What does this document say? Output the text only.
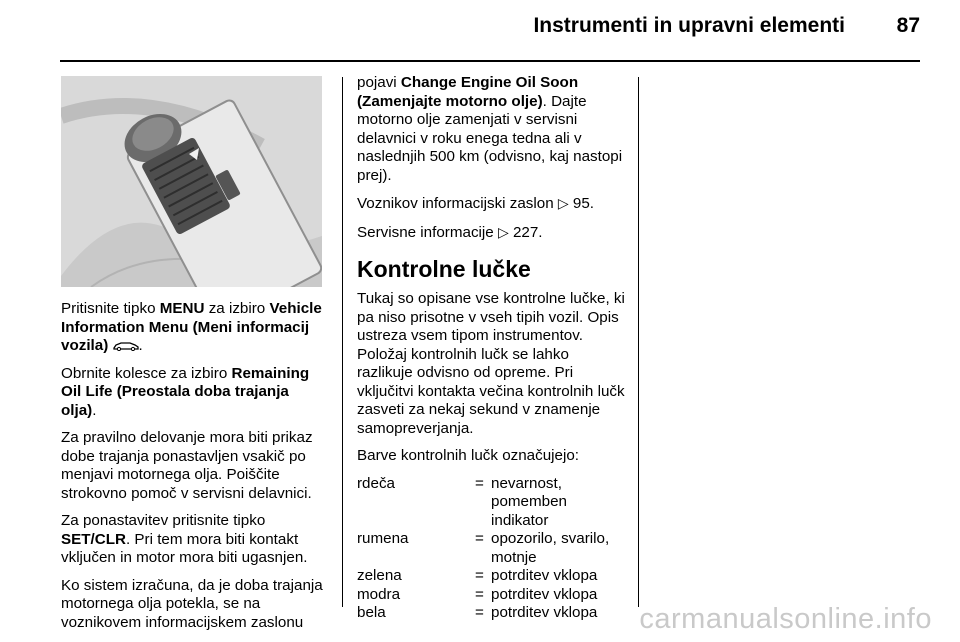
Instrumenti in upravni elementi 87

Pritisnite tipko MENU za izbiro Vehicle Information Menu (Meni informacij vozila) .

Obrnite kolesce za izbiro Remaining Oil Life (Preostala doba trajanja olja).

Za pravilno delovanje mora biti prikaz dobe trajanja ponastavljen vsakič po menjavi motornega olja. Poiščite strokovno pomoč v servisni delavnici.

Za ponastavitev pritisnite tipko SET/CLR. Pri tem mora biti kontakt vključen in motor mora biti ugasnjen.

Ko sistem izračuna, da je doba trajanja motornega olja potekla, se na voznikovem informacijskem zaslonu

pojavi Change Engine Oil Soon (Zamenjajte motorno olje). Dajte motorno olje zamenjati v servisni delavnici v roku enega tedna ali v naslednjih 500 km (odvisno, kaj nastopi prej).

Voznikov informacijski zaslon ▷ 95.

Servisne informacije ▷ 227.

Kontrolne lučke

Tukaj so opisane vse kontrolne lučke, ki pa niso prisotne v vseh tipih vozil. Opis ustreza vsem tipom instrumentov. Položaj kontrolnih lučk se lahko razlikuje odvisno od opreme. Pri vključitvi kontakta večina kontrolnih lučk zasveti za nekaj sekund v znamenje samopreverjanja.

Barve kontrolnih lučk označujejo:

rdeča	= nevarnost, pomemben indikator
rumena	= opozorilo, svarilo, motnje
zelena	= potrditev vklopa
modra	= potrditev vklopa
bela	= potrditev vklopa	carmanualsonline.info
